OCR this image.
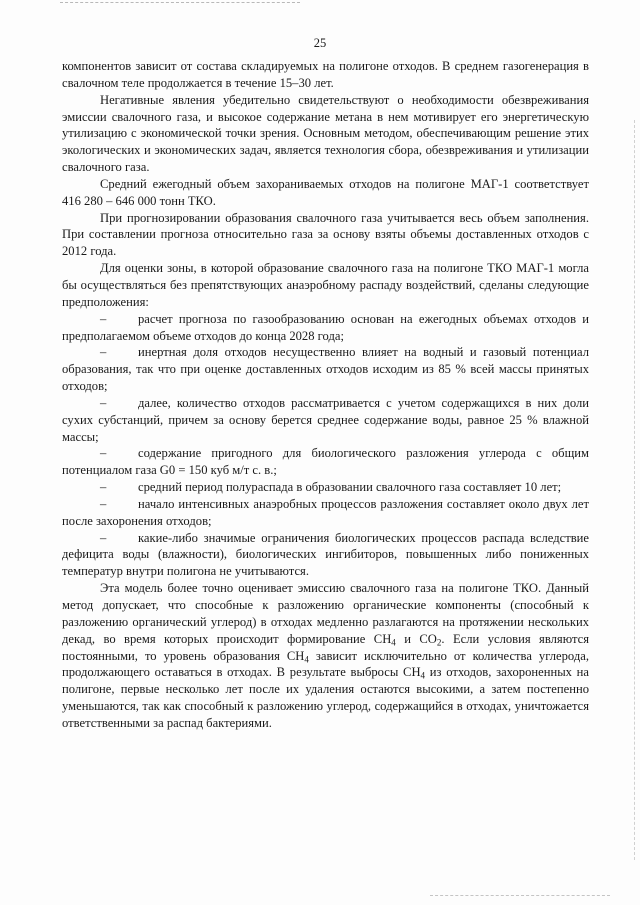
25

компонентов зависит от состава складируемых на полигоне отходов. В среднем газогенерация в свалочном теле продолжается в течение 15–30 лет.

Негативные явления убедительно свидетельствуют о необходимости обезвреживания эмиссии свалочного газа, и высокое содержание метана в нем мотивирует его энергетическую утилизацию с экономической точки зрения. Основным методом, обеспечивающим решение этих экологических и экономических задач, является технология сбора, обезвреживания и утилизации свалочного газа.

Средний ежегодный объем захораниваемых отходов на полигоне МАГ-1 соответствует 416 280 – 646 000 тонн ТКО.

При прогнозировании образования свалочного газа учитывается весь объем заполнения. При составлении прогноза относительно газа за основу взяты объемы доставленных отходов с 2012 года.

Для оценки зоны, в которой образование свалочного газа на полигоне ТКО МАГ-1 могла бы осуществляться без препятствующих анаэробному распаду воздействий, сделаны следующие предположения:

–	расчет прогноза по газообразованию основан на ежегодных объемах отходов и предполагаемом объеме отходов до конца 2028 года;

–	инертная доля отходов несущественно влияет на водный и газовый потенциал образования, так что при оценке доставленных отходов исходим из 85 % всей массы принятых отходов;

–	далее, количество отходов рассматривается с учетом содержащихся в них доли сухих субстанций, причем за основу берется среднее содержание воды, равное 25 % влажной массы;

–	содержание пригодного для биологического разложения углерода с общим потенциалом газа G0 = 150 куб м/т с. в.;

–	средний период полураспада в образовании свалочного газа составляет 10 лет;

–	начало интенсивных анаэробных процессов разложения составляет около двух лет после захоронения отходов;

–	какие-либо значимые ограничения биологических процессов распада вследствие дефицита воды (влажности), биологических ингибиторов, повышенных либо пониженных температур внутри полигона не учитываются.

Эта модель более точно оценивает эмиссию свалочного газа на полигоне ТКО. Данный метод допускает, что способные к разложению органические компоненты (способный к разложению органический углерод) в отходах медленно разлагаются на протяжении нескольких декад, во время которых происходит формирование $CH_4$ и $CO_2$. Если условия являются постоянными, то уровень образования $CH_4$ зависит исключительно от количества углерода, продолжающего оставаться в отходах. В результате выбросы $CH_4$ из отходов, захороненных на полигоне, первые несколько лет после их удаления остаются высокими, а затем постепенно уменьшаются, так как способный к разложению углерод, содержащийся в отходах, уничтожается ответственными за распад бактериями.
